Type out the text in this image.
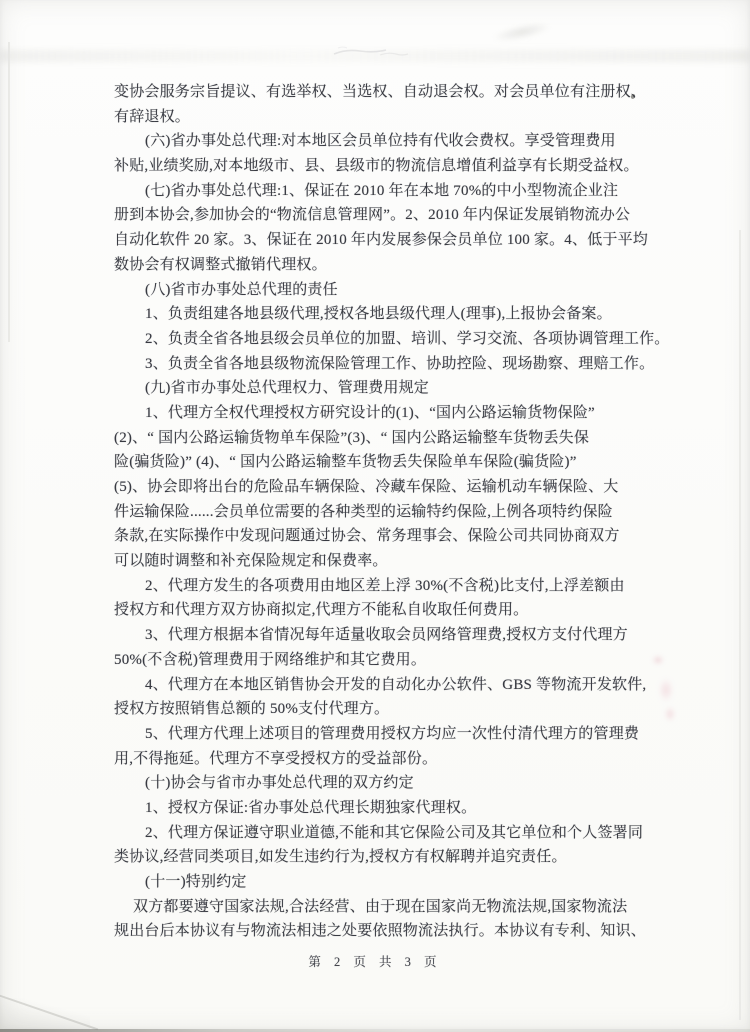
变协会服务宗旨提议、有选举权、当选权、自动退会权。对会员单位有注册权、
有辞退权。
(六)省办事处总代理:对本地区会员单位持有代收会费权。享受管理费用
补贴,业绩奖励,对本地级市、县、县级市的物流信息增值利益享有长期受益权。
(七)省办事处总代理:1、保证在 2010 年在本地 70%的中小型物流企业注
册到本协会,参加协会的“物流信息管理网”。2、2010 年内保证发展销物流办公
自动化软件 20 家。3、保证在 2010 年内发展参保会员单位 100 家。4、低于平均
数协会有权调整式撤销代理权。
(八)省市办事处总代理的责任
1、负责组建各地县级代理,授权各地县级代理人(理事),上报协会备案。
2、负责全省各地县级会员单位的加盟、培训、学习交流、各项协调管理工作。
3、负责全省各地县级物流保险管理工作、协助控险、现场勘察、理赔工作。
(九)省市办事处总代理权力、管理费用规定
1、代理方全权代理授权方研究设计的(1)、“国内公路运输货物保险”
(2)、“ 国内公路运输货物单车保险”(3)、“ 国内公路运输整车货物丢失保
险(骗货险)” (4)、“ 国内公路运输整车货物丢失保险单车保险(骗货险)”
(5)、协会即将出台的危险品车辆保险、冷藏车保险、运输机动车辆保险、大
件运输保险......会员单位需要的各种类型的运输特约保险,上例各项特约保险
条款,在实际操作中发现问题通过协会、常务理事会、保险公司共同协商双方
可以随时调整和补充保险规定和保费率。
2、代理方发生的各项费用由地区差上浮 30%(不含税)比支付,上浮差额由
授权方和代理方双方协商拟定,代理方不能私自收取任何费用。
3、代理方根据本省情况每年适量收取会员网络管理费,授权方支付代理方
50%(不含税)管理费用于网络维护和其它费用。
4、代理方在本地区销售协会开发的自动化办公软件、GBS 等物流开发软件,
授权方按照销售总额的 50%支付代理方。
5、代理方代理上述项目的管理费用授权方均应一次性付清代理方的管理费
用,不得拖延。代理方不享受授权方的受益部份。
(十)协会与省市办事处总代理的双方约定
1、授权方保证:省办事处总代理长期独家代理权。
2、代理方保证遵守职业道德,不能和其它保险公司及其它单位和个人签署同
类协议,经营同类项目,如发生违约行为,授权方有权解聘并追究责任。
(十一)特别约定
双方都要遵守国家法规,合法经营、由于现在国家尚无物流法规,国家物流法
规出台后本协议有与物流法相违之处要依照物流法执行。本协议有专利、知识、
第 2 页 共 3 页
